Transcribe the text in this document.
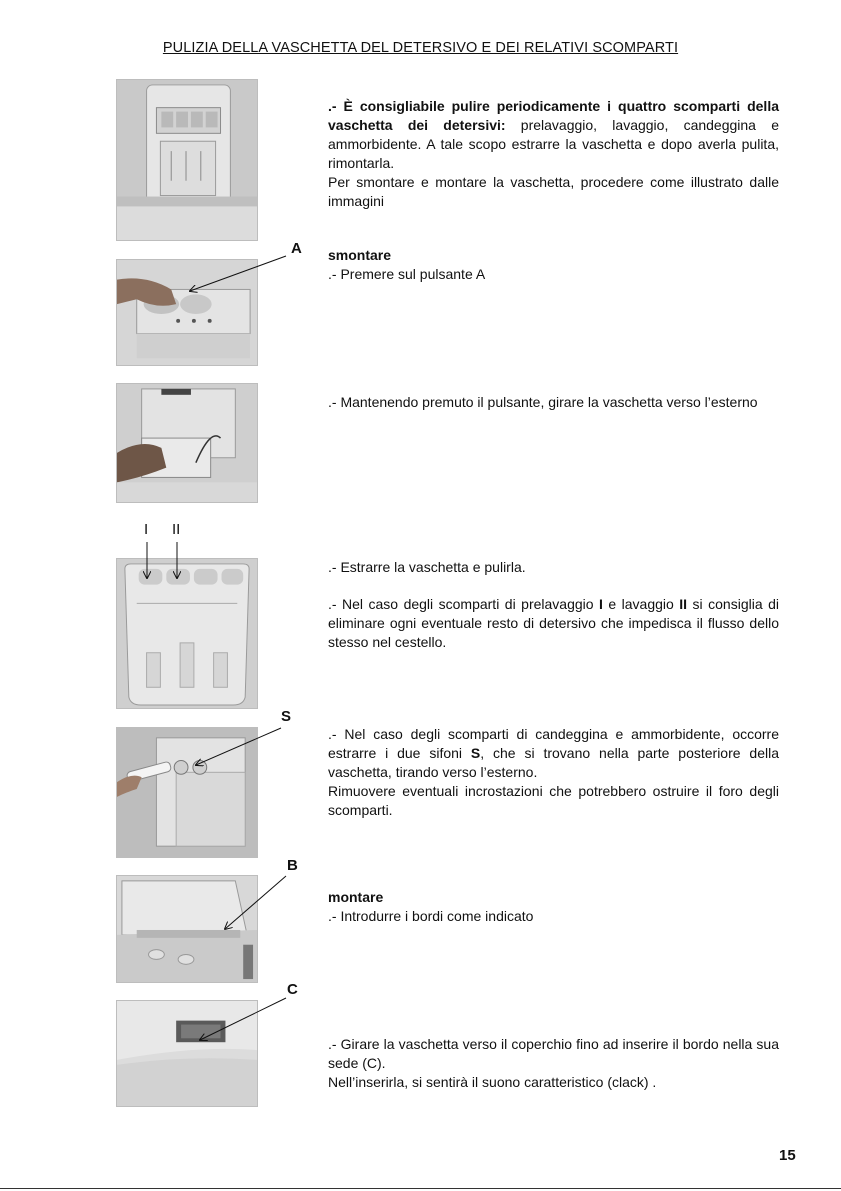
PULIZIA DELLA VASCHETTA DEL DETERSIVO E DEI RELATIVI SCOMPARTI
A
I II
S
B
C

.- È consigliabile pulire periodicamente i quattro scomparti della vaschetta dei detersivi: prelavaggio, lavaggio, candeggina e ammorbidente. A tale scopo estrarre la vaschetta e dopo averla pulita, rimontarla.

Per smontare e montare la vaschetta, procedere come illustrato dalle immagini

smontare

.- Premere sul pulsante A

.- Mantenendo premuto il pulsante, girare la vaschetta verso l’esterno

.- Estrarre la vaschetta e pulirla.

.- Nel caso degli scomparti di prelavaggio I e lavaggio II si consiglia di eliminare ogni eventuale resto di detersivo che impedisca il flusso dello stesso nel cestello.

.- Nel caso degli scomparti di candeggina e ammorbidente, occorre estrarre i due sifoni S, che si trovano nella parte posteriore della vaschetta, tirando verso l’esterno.

Rimuovere eventuali incrostazioni che potrebbero ostruire il foro degli scomparti.

montare

.- Introdurre i bordi come indicato

.- Girare la vaschetta verso il coperchio fino ad inserire il bordo nella sua sede (C).

Nell’inserirla, si sentirà il suono caratteristico (clack) .

15
